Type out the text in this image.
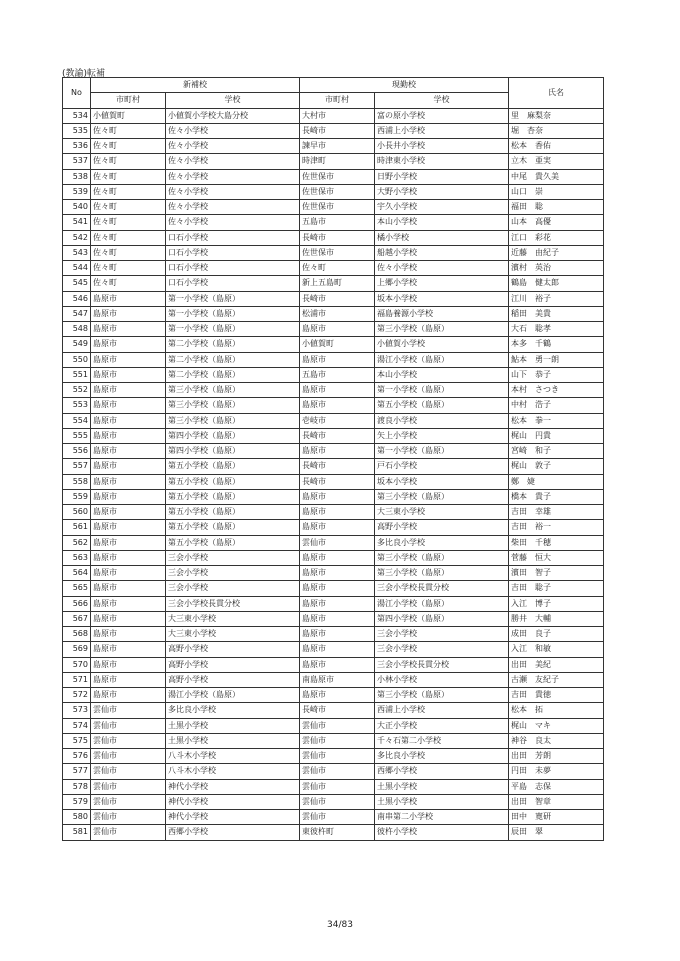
(教諭)転補
No	新補校		現勤校		氏名
	市町村	学校	市町村	学校	
534	小値賀町	小値賀小学校大島分校	大村市	富の原小学校	里　麻梨奈
535	佐々町	佐々小学校	長崎市	西浦上小学校	堀　杏奈
536	佐々町	佐々小学校	諫早市	小長井小学校	松本　香佑
537	佐々町	佐々小学校	時津町	時津東小学校	立木　亜実
538	佐々町	佐々小学校	佐世保市	日野小学校	中尾　貴久美
539	佐々町	佐々小学校	佐世保市	大野小学校	山口　崇
540	佐々町	佐々小学校	佐世保市	宇久小学校	福田　聡
541	佐々町	佐々小学校	五島市	本山小学校	山本　高優
542	佐々町	口石小学校	長崎市	橘小学校	江口　彩花
543	佐々町	口石小学校	佐世保市	船越小学校	近藤　由紀子
544	佐々町	口石小学校	佐々町	佐々小学校	濱村　英治
545	佐々町	口石小学校	新上五島町	上郷小学校	鶴島　健太郎
546	島原市	第一小学校（島原）	長崎市	坂本小学校	江川　裕子
547	島原市	第一小学校（島原）	松浦市	福島養源小学校	稲田　美貴
548	島原市	第一小学校（島原）	島原市	第三小学校（島原）	大石　聡孝
549	島原市	第二小学校（島原）	小値賀町	小値賀小学校	本多　千鶴
550	島原市	第二小学校（島原）	島原市	湯江小学校（島原）	鮎本　勇一朗
551	島原市	第二小学校（島原）	五島市	本山小学校	山下　恭子
552	島原市	第三小学校（島原）	島原市	第一小学校（島原）	本村　さつき
553	島原市	第三小学校（島原）	島原市	第五小学校（島原）	中村　浩子
554	島原市	第三小学校（島原）	壱岐市	渡良小学校	松本　拳一
555	島原市	第四小学校（島原）	長崎市	矢上小学校	梶山　円貴
556	島原市	第四小学校（島原）	島原市	第一小学校（島原）	宮崎　和子
557	島原市	第五小学校（島原）	長崎市	戸石小学校	梶山　敦子
558	島原市	第五小学校（島原）	長崎市	坂本小学校	鄭　婕
559	島原市	第五小学校（島原）	島原市	第三小学校（島原）	橋本　貴子
560	島原市	第五小学校（島原）	島原市	大三東小学校	吉田　幸雄
561	島原市	第五小学校（島原）	島原市	高野小学校	吉田　裕一
562	島原市	第五小学校（島原）	雲仙市	多比良小学校	柴田　千穂
563	島原市	三会小学校	島原市	第三小学校（島原）	菅藤　恒大
564	島原市	三会小学校	島原市	第三小学校（島原）	濱田　智子
565	島原市	三会小学校	島原市	三会小学校長貫分校	吉田　聡子
566	島原市	三会小学校長貫分校	島原市	湯江小学校（島原）	入江　博子
567	島原市	大三東小学校	島原市	第四小学校（島原）	勝井　大輔
568	島原市	大三東小学校	島原市	三会小学校	成田　良子
569	島原市	高野小学校	島原市	三会小学校	入江　和敏
570	島原市	高野小学校	島原市	三会小学校長貫分校	出田　美紀
571	島原市	高野小学校	南島原市	小林小学校	古瀬　友紀子
572	島原市	湯江小学校（島原）	島原市	第三小学校（島原）	吉田　貴徳
573	雲仙市	多比良小学校	長崎市	西浦上小学校	松本　拓
574	雲仙市	土黒小学校	雲仙市	大正小学校	梶山　マキ
575	雲仙市	土黒小学校	雲仙市	千々石第二小学校	神谷　良太
576	雲仙市	八斗木小学校	雲仙市	多比良小学校	出田　芳朗
577	雲仙市	八斗木小学校	雲仙市	西郷小学校	円田　未夢
578	雲仙市	神代小学校	雲仙市	土黒小学校	平島　志保
579	雲仙市	神代小学校	雲仙市	土黒小学校	出田　智章
580	雲仙市	神代小学校	雲仙市	南串第二小学校	田中　寛研
581	雲仙市	西郷小学校	東彼杵町	彼杵小学校	辰田　翠
34/83
